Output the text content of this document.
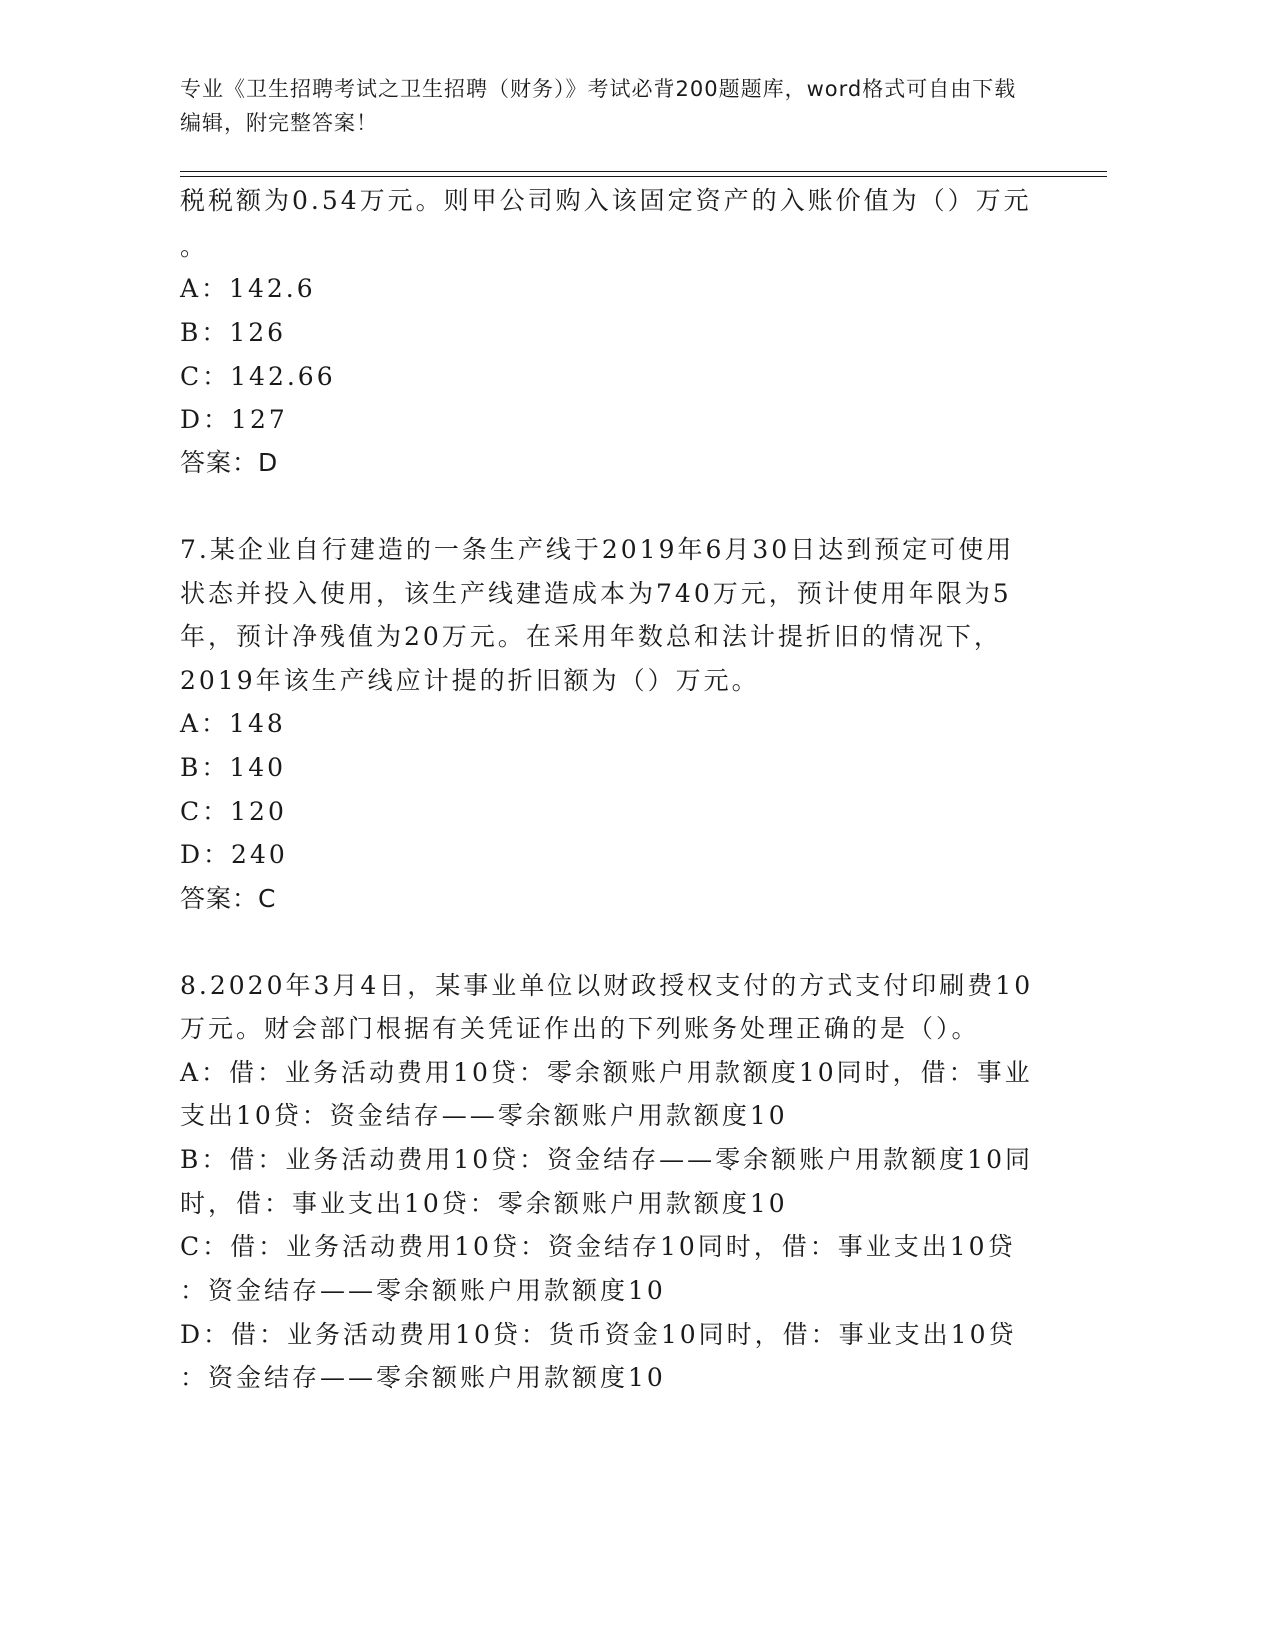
专业《卫生招聘考试之卫生招聘（财务）》考试必背200题题库，word格式可自由下载编辑，附完整答案！
税税额为0.54万元。则甲公司购入该固定资产的入账价值为（）万元
。
A：142.6
B：126
C：142.66
D：127
答案：D
7.某企业自行建造的一条生产线于2019年6月30日达到预定可使用
状态并投入使用，该生产线建造成本为740万元，预计使用年限为5
年，预计净残值为20万元。在采用年数总和法计提折旧的情况下，
2019年该生产线应计提的折旧额为（）万元。
A：148
B：140
C：120
D：240
答案：C
8.2020年3月4日，某事业单位以财政授权支付的方式支付印刷费10
万元。财会部门根据有关凭证作出的下列账务处理正确的是（）。
A：借：业务活动费用10贷：零余额账户用款额度10同时，借：事业
支出10贷：资金结存——零余额账户用款额度10
B：借：业务活动费用10贷：资金结存——零余额账户用款额度10同
时，借：事业支出10贷：零余额账户用款额度10
C：借：业务活动费用10贷：资金结存10同时，借：事业支出10贷
：资金结存——零余额账户用款额度10
D：借：业务活动费用10贷：货币资金10同时，借：事业支出10贷
：资金结存——零余额账户用款额度10
